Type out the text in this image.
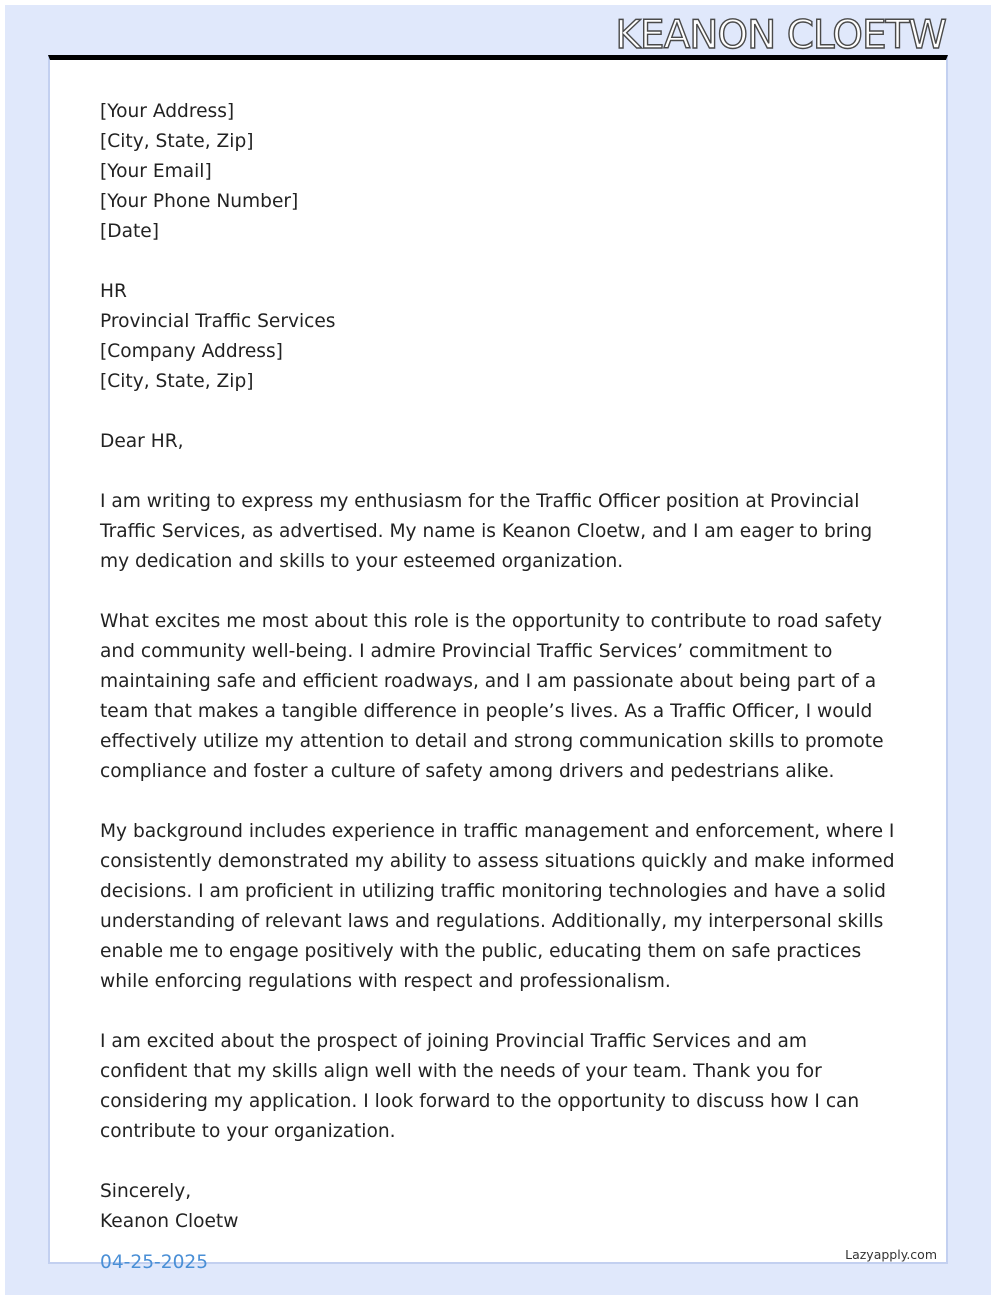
KEANON CLOETW

[Your Address]

[City, State, Zip]

[Your Email]

[Your Phone Number]

[Date]

HR

Provincial Traffic Services

[Company Address]

[City, State, Zip]

Dear HR,

I am writing to express my enthusiasm for the Traffic Officer position at Provincial Traffic Services, as advertised. My name is Keanon Cloetw, and I am eager to bring my dedication and skills to your esteemed organization.

What excites me most about this role is the opportunity to contribute to road safety and community well-being. I admire Provincial Traffic Services’ commitment to maintaining safe and efficient roadways, and I am passionate about being part of a team that makes a tangible difference in people’s lives. As a Traffic Officer, I would effectively utilize my attention to detail and strong communication skills to promote compliance and foster a culture of safety among drivers and pedestrians alike.

My background includes experience in traffic management and enforcement, where I consistently demonstrated my ability to assess situations quickly and make informed decisions. I am proficient in utilizing traffic monitoring technologies and have a solid understanding of relevant laws and regulations. Additionally, my interpersonal skills enable me to engage positively with the public, educating them on safe practices while enforcing regulations with respect and professionalism.

I am excited about the prospect of joining Provincial Traffic Services and am confident that my skills align well with the needs of your team. Thank you for considering my application. I look forward to the opportunity to discuss how I can contribute to your organization.

Sincerely,

Keanon Cloetw

04-25-2025	Lazyapply.com
